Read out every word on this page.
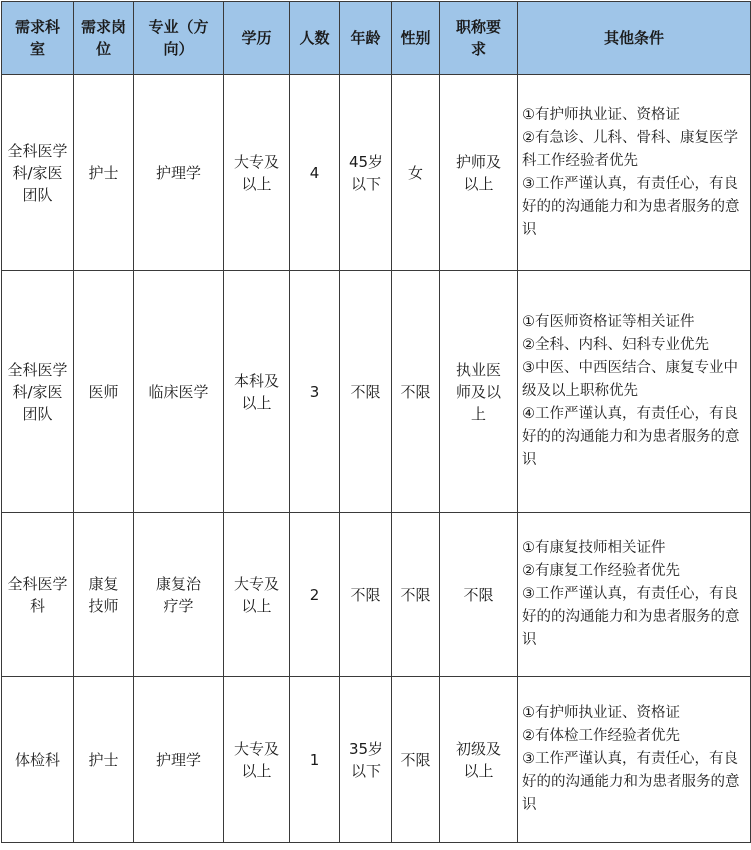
需求科室	需求岗位	专业（方向）	学历	人数	年龄	性别	职称要求	其他条件
全科医学科/家医团队	护士	护理学	大专及以上	4	45岁以下	女	护师及以上	①有护师执业证、资格证
②有急诊、儿科、骨科、康复医学科工作经验者优先
③工作严谨认真，有责任心，有良好的的沟通能力和为患者服务的意识

全科医学科/家医团队	医师	临床医学	本科及以上	3	不限	不限	执业医师及以上	①有医师资格证等相关证件
②全科、内科、妇科专业优先
③中医、中西医结合、康复专业中级及以上职称优先
④工作严谨认真，有责任心，有良好的的沟通能力和为患者服务的意识

全科医学科	康复技师	康复治疗学	大专及以上	2	不限	不限	不限	①有康复技师相关证件
②有康复工作经验者优先
③工作严谨认真，有责任心，有良好的的沟通能力和为患者服务的意识

体检科	护士	护理学	大专及以上	1	35岁以下	不限	初级及以上	①有护师执业证、资格证
②有体检工作经验者优先
③工作严谨认真，有责任心，有良好的的沟通能力和为患者服务的意识
